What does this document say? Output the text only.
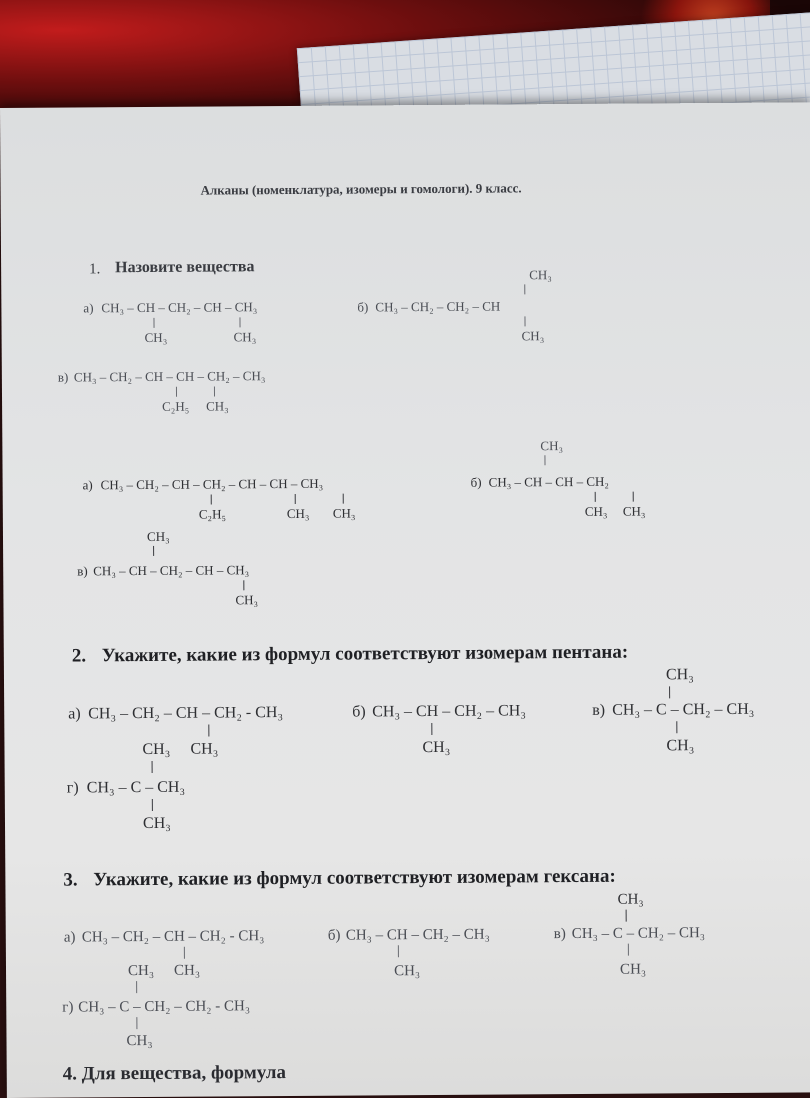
Алканы (номенклатура, изомеры и гомологи). 9 класс.
1. Назовите вещества
а) CH₃ – CH – CH₂ – CH – CH₃
CH₃	CH₃
CH₃
б) CH₃ – CH₂ – CH₂ – CH
CH₃
в) CH₃ – CH₂ – CH – CH – CH₂ – CH₃
C₂H₅ CH₃
CH₃
а) CH₃ – CH₂ – CH – CH₂ – CH – CH – CH₃
C₂H₅	CH₃ CH₃
б) CH₃ – CH – CH – CH₂
CH₃ CH₃
CH₃
в) CH₃ – CH – CH₂ – CH – CH₃
CH₃
2. Укажите, какие из формул соответствуют изомерам пентана:
CH₃
а) CH₃ – CH₂ – CH – CH₂ - CH₃
CH₃ CH₃
б) CH₃ – CH – CH₂ – CH₃
CH₃
в) CH₃ – C – CH₂ – CH₃
CH₃
г) CH₃ – C – CH₃
CH₃
3. Укажите, какие из формул соответствуют изомерам гексана:
CH₃
а) CH₃ – CH₂ – CH – CH₂ - CH₃
CH₃ CH₃
б) CH₃ – CH – CH₂ – CH₃
CH₃
в) CH₃ – C – CH₂ – CH₃
CH₃
г) CH₃ – C – CH₂ – CH₂ - CH₃
CH₃
4. Для вещества, формула
